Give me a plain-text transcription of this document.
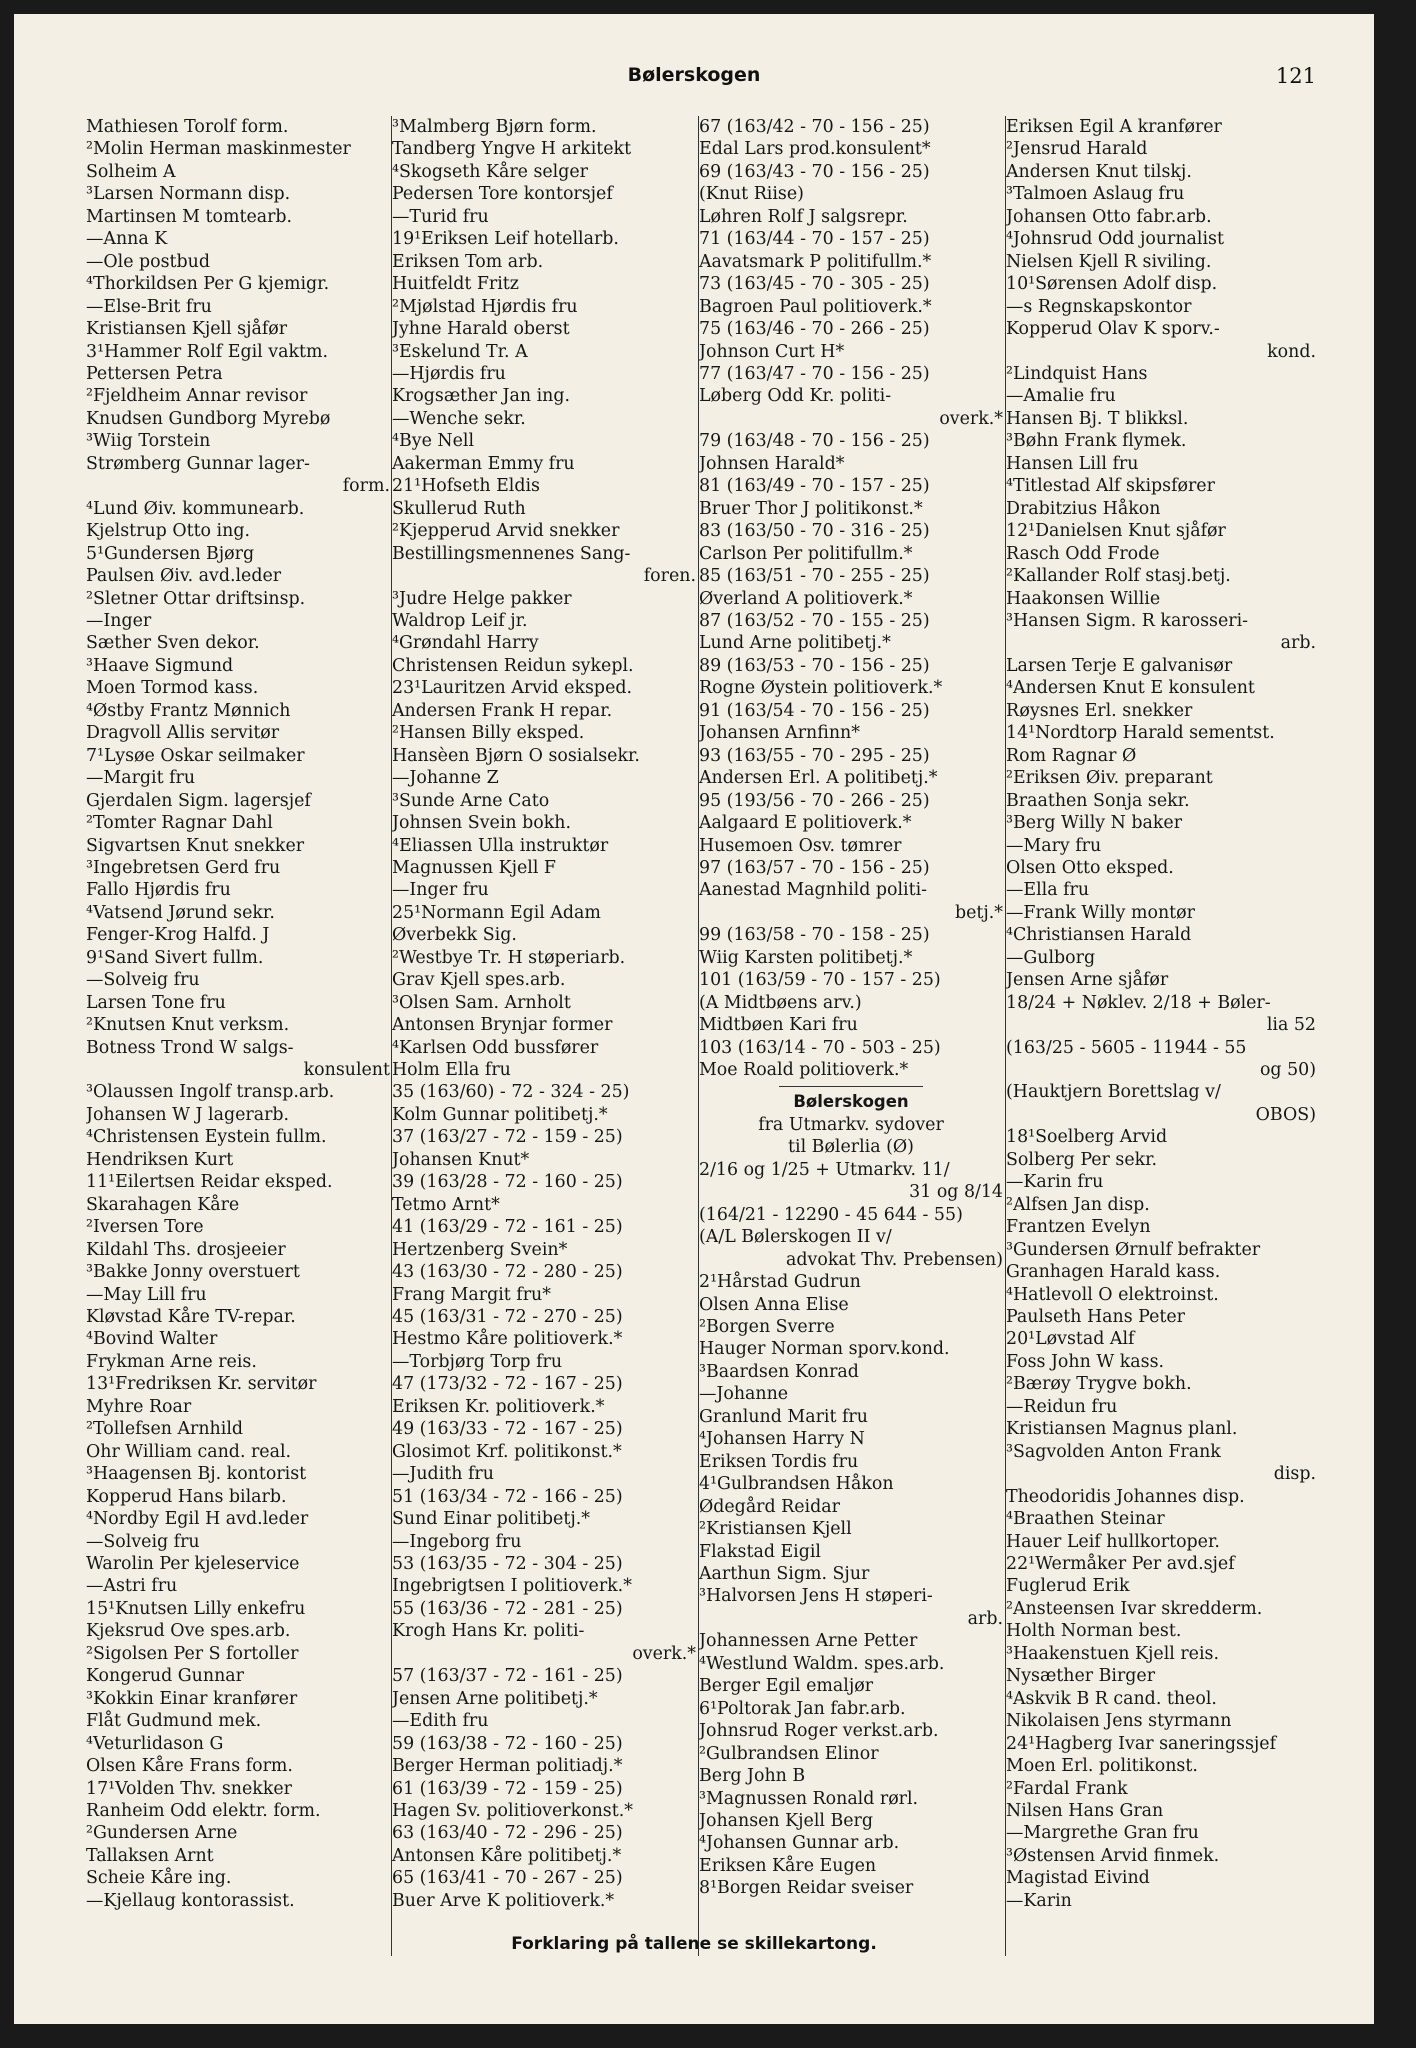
Bølerskogen	121
Mathiesen Torolf form.
²Molin Herman maskinmester
Solheim A
³Larsen Normann disp.
Martinsen M tomtearb.
—Anna K
—Ole postbud
⁴Thorkildsen Per G kjemigr.
—Else-Brit fru
Kristiansen Kjell sjåfør
3¹Hammer Rolf Egil vaktm.
Pettersen Petra
²Fjeldheim Annar revisor
Knudsen Gundborg Myrebø
³Wiig Torstein
Strømberg Gunnar lager-
form.
⁴Lund Øiv. kommunearb.
Kjelstrup Otto ing.
5¹Gundersen Bjørg
Paulsen Øiv. avd.leder
²Sletner Ottar driftsinsp.
—Inger
Sæther Sven dekor.
³Haave Sigmund
Moen Tormod kass.
⁴Østby Frantz Mønnich
Dragvoll Allis servitør
7¹Lysøe Oskar seilmaker
—Margit fru
Gjerdalen Sigm. lagersjef
²Tomter Ragnar Dahl
Sigvartsen Knut snekker
³Ingebretsen Gerd fru
Fallo Hjørdis fru
⁴Vatsend Jørund sekr.
Fenger-Krog Halfd. J
9¹Sand Sivert fullm.
—Solveig fru
Larsen Tone fru
²Knutsen Knut verksm.
Botness Trond W salgs-
konsulent
³Olaussen Ingolf transp.arb.
Johansen W J lagerarb.
⁴Christensen Eystein fullm.
Hendriksen Kurt
11¹Eilertsen Reidar eksped.
Skarahagen Kåre
²Iversen Tore
Kildahl Ths. drosjeeier
³Bakke Jonny overstuert
—May Lill fru
Kløvstad Kåre TV-repar.
⁴Bovind Walter
Frykman Arne reis.
13¹Fredriksen Kr. servitør
Myhre Roar
²Tollefsen Arnhild
Ohr William cand. real.
³Haagensen Bj. kontorist
Kopperud Hans bilarb.
⁴Nordby Egil H avd.leder
—Solveig fru
Warolin Per kjeleservice
—Astri fru
15¹Knutsen Lilly enkefru
Kjeksrud Ove spes.arb.
²Sigolsen Per S fortoller
Kongerud Gunnar
³Kokkin Einar kranfører
Flåt Gudmund mek.
⁴Veturlidason G
Olsen Kåre Frans form.
17¹Volden Thv. snekker
Ranheim Odd elektr. form.
²Gundersen Arne
Tallaksen Arnt
Scheie Kåre ing.
—Kjellaug kontorassist.
³Malmberg Bjørn form.
Tandberg Yngve H arkitekt
⁴Skogseth Kåre selger
Pedersen Tore kontorsjef
—Turid fru
19¹Eriksen Leif hotellarb.
Eriksen Tom arb.
Huitfeldt Fritz
²Mjølstad Hjørdis fru
Jyhne Harald oberst
³Eskelund Tr. A
—Hjørdis fru
Krogsæther Jan ing.
—Wenche sekr.
⁴Bye Nell
Aakerman Emmy fru
21¹Hofseth Eldis
Skullerud Ruth
²Kjepperud Arvid snekker
Bestillingsmennenes Sang-
foren.
³Judre Helge pakker
Waldrop Leif jr.
⁴Grøndahl Harry
Christensen Reidun sykepl.
23¹Lauritzen Arvid eksped.
Andersen Frank H repar.
²Hansen Billy eksped.
Hansèen Bjørn O sosialsekr.
—Johanne Z
³Sunde Arne Cato
Johnsen Svein bokh.
⁴Eliassen Ulla instruktør
Magnussen Kjell F
—Inger fru
25¹Normann Egil Adam
Øverbekk Sig.
²Westbye Tr. H støperiarb.
Grav Kjell spes.arb.
³Olsen Sam. Arnholt
Antonsen Brynjar former
⁴Karlsen Odd bussfører
Holm Ella fru
35 (163/60) - 72 - 324 - 25)
Kolm Gunnar politibetj.*
37 (163/27 - 72 - 159 - 25)
Johansen Knut*
39 (163/28 - 72 - 160 - 25)
Tetmo Arnt*
41 (163/29 - 72 - 161 - 25)
Hertzenberg Svein*
43 (163/30 - 72 - 280 - 25)
Frang Margit fru*
45 (163/31 - 72 - 270 - 25)
Hestmo Kåre politioverk.*
—Torbjørg Torp fru
47 (173/32 - 72 - 167 - 25)
Eriksen Kr. politioverk.*
49 (163/33 - 72 - 167 - 25)
Glosimot Krf. politikonst.*
—Judith fru
51 (163/34 - 72 - 166 - 25)
Sund Einar politibetj.*
—Ingeborg fru
53 (163/35 - 72 - 304 - 25)
Ingebrigtsen I politioverk.*
55 (163/36 - 72 - 281 - 25)
Krogh Hans Kr. politi-
overk.*
57 (163/37 - 72 - 161 - 25)
Jensen Arne politibetj.*
—Edith fru
59 (163/38 - 72 - 160 - 25)
Berger Herman politiadj.*
61 (163/39 - 72 - 159 - 25)
Hagen Sv. politioverkonst.*
63 (163/40 - 72 - 296 - 25)
Antonsen Kåre politibetj.*
65 (163/41 - 70 - 267 - 25)
Buer Arve K politioverk.*
67 (163/42 - 70 - 156 - 25)
Edal Lars prod.konsulent*
69 (163/43 - 70 - 156 - 25)
(Knut Riise)
Løhren Rolf J salgsrepr.
71 (163/44 - 70 - 157 - 25)
Aavatsmark P politifullm.*
73 (163/45 - 70 - 305 - 25)
Bagroen Paul politioverk.*
75 (163/46 - 70 - 266 - 25)
Johnson Curt H*
77 (163/47 - 70 - 156 - 25)
Løberg Odd Kr. politi-
overk.*
79 (163/48 - 70 - 156 - 25)
Johnsen Harald*
81 (163/49 - 70 - 157 - 25)
Bruer Thor J politikonst.*
83 (163/50 - 70 - 316 - 25)
Carlson Per politifullm.*
85 (163/51 - 70 - 255 - 25)
Øverland A politioverk.*
87 (163/52 - 70 - 155 - 25)
Lund Arne politibetj.*
89 (163/53 - 70 - 156 - 25)
Rogne Øystein politioverk.*
91 (163/54 - 70 - 156 - 25)
Johansen Arnfinn*
93 (163/55 - 70 - 295 - 25)
Andersen Erl. A politibetj.*
95 (193/56 - 70 - 266 - 25)
Aalgaard E politioverk.*
Husemoen Osv. tømrer
97 (163/57 - 70 - 156 - 25)
Aanestad Magnhild politi-
betj.*
99 (163/58 - 70 - 158 - 25)
Wiig Karsten politibetj.*
101 (163/59 - 70 - 157 - 25)
(A Midtbøens arv.)
Midtbøen Kari fru
103 (163/14 - 70 - 503 - 25)
Moe Roald politioverk.*
Bølerskogen
fra Utmarkv. sydover
til Bølerlia (Ø)
2/16 og 1/25 + Utmarkv. 11/
31 og 8/14
(164/21 - 12290 - 45 644 - 55)
(A/L Bølerskogen II v/
advokat Thv. Prebensen)
2¹Hårstad Gudrun
Olsen Anna Elise
²Borgen Sverre
Hauger Norman sporv.kond.
³Baardsen Konrad
—Johanne
Granlund Marit fru
⁴Johansen Harry N
Eriksen Tordis fru
4¹Gulbrandsen Håkon
Ødegård Reidar
²Kristiansen Kjell
Flakstad Eigil
Aarthun Sigm. Sjur
³Halvorsen Jens H støperi-
arb.
Johannessen Arne Petter
⁴Westlund Waldm. spes.arb.
Berger Egil emaljør
6¹Poltorak Jan fabr.arb.
Johnsrud Roger verkst.arb.
²Gulbrandsen Elinor
Berg John B
³Magnussen Ronald rørl.
Johansen Kjell Berg
⁴Johansen Gunnar arb.
Eriksen Kåre Eugen
8¹Borgen Reidar sveiser
Eriksen Egil A kranfører
²Jensrud Harald
Andersen Knut tilskj.
³Talmoen Aslaug fru
Johansen Otto fabr.arb.
⁴Johnsrud Odd journalist
Nielsen Kjell R siviling.
10¹Sørensen Adolf disp.
—s Regnskapskontor
Kopperud Olav K sporv.-
kond.
²Lindquist Hans
—Amalie fru
Hansen Bj. T blikksl.
³Bøhn Frank flymek.
Hansen Lill fru
⁴Titlestad Alf skipsfører
Drabitzius Håkon
12¹Danielsen Knut sjåfør
Rasch Odd Frode
²Kallander Rolf stasj.betj.
Haakonsen Willie
³Hansen Sigm. R karosseri-
arb.
Larsen Terje E galvanisør
⁴Andersen Knut E konsulent
Røysnes Erl. snekker
14¹Nordtorp Harald sementst.
Rom Ragnar Ø
²Eriksen Øiv. preparant
Braathen Sonja sekr.
³Berg Willy N baker
—Mary fru
Olsen Otto eksped.
—Ella fru
—Frank Willy montør
⁴Christiansen Harald
—Gulborg
Jensen Arne sjåfør
18/24 + Nøklev. 2/18 + Bøler-
lia 52
(163/25 - 5605 - 11944 - 55
og 50)
(Hauktjern Borettslag v/
OBOS)
18¹Soelberg Arvid
Solberg Per sekr.
—Karin fru
²Alfsen Jan disp.
Frantzen Evelyn
³Gundersen Ørnulf befrakter
Granhagen Harald kass.
⁴Hatlevoll O elektroinst.
Paulseth Hans Peter
20¹Løvstad Alf
Foss John W kass.
²Bærøy Trygve bokh.
—Reidun fru
Kristiansen Magnus planl.
³Sagvolden Anton Frank
disp.
Theodoridis Johannes disp.
⁴Braathen Steinar
Hauer Leif hullkortoper.
22¹Wermåker Per avd.sjef
Fuglerud Erik
²Ansteensen Ivar skredderm.
Holth Norman best.
³Haakenstuen Kjell reis.
Nysæther Birger
⁴Askvik B R cand. theol.
Nikolaisen Jens styrmann
24¹Hagberg Ivar saneringssjef
Moen Erl. politikonst.
²Fardal Frank
Nilsen Hans Gran
—Margrethe Gran fru
³Østensen Arvid finmek.
Magistad Eivind
—Karin
Forklaring på tallene se skillekartong.
